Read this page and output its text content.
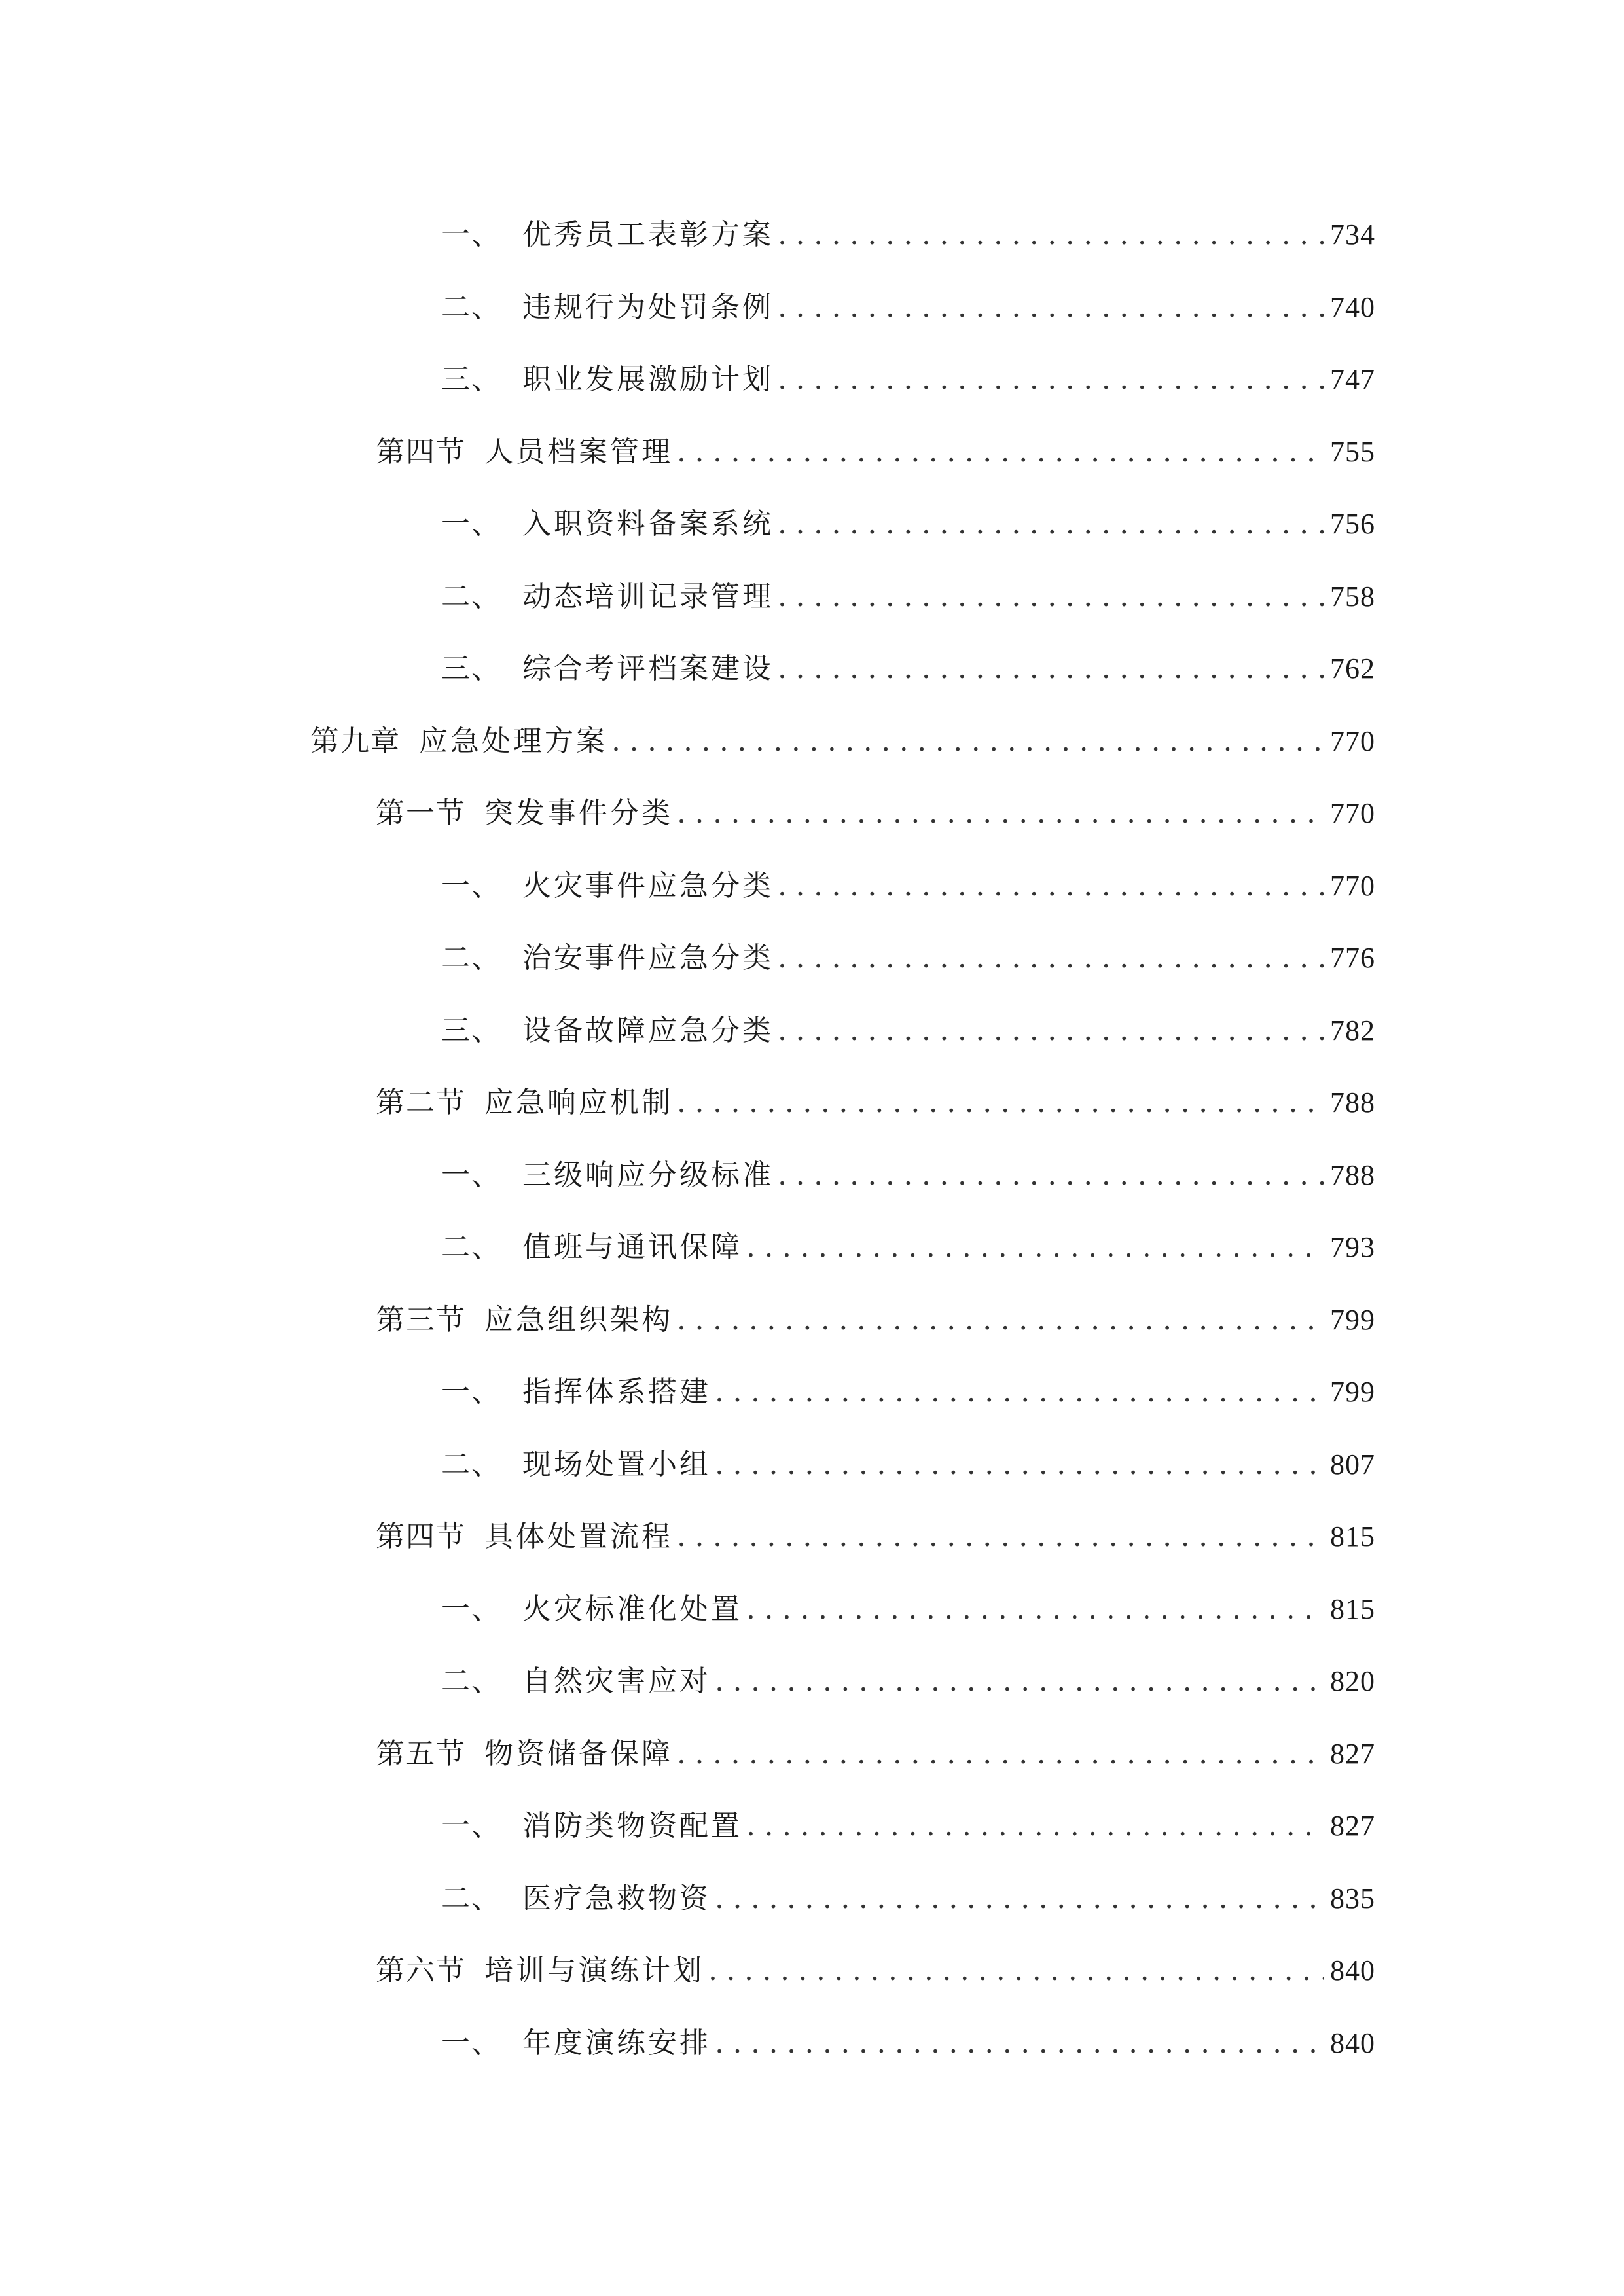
一、 优秀员工表彰方案 .....	734
二、 违规行为处罚条例 .....	740
三、 职业发展激励计划 .....	747
第四节 人员档案管理 .....	755
一、 入职资料备案系统 .....	756
二、 动态培训记录管理 .....	758
三、 综合考评档案建设 .....	762
第九章 应急处理方案 .....	770
第一节 突发事件分类 .....	770
一、 火灾事件应急分类 .....	770
二、 治安事件应急分类 .....	776
三、 设备故障应急分类 .....	782
第二节 应急响应机制 .....	788
一、 三级响应分级标准 .....	788
二、 值班与通讯保障 .....	793
第三节 应急组织架构 .....	799
一、 指挥体系搭建 .....	799
二、 现场处置小组 .....	807
第四节 具体处置流程 .....	815
一、 火灾标准化处置 .....	815
二、 自然灾害应对 .....	820
第五节 物资储备保障 .....	827
一、 消防类物资配置 .....	827
二、 医疗急救物资 .....	835
第六节 培训与演练计划 .....	840
一、 年度演练安排 .....	840
